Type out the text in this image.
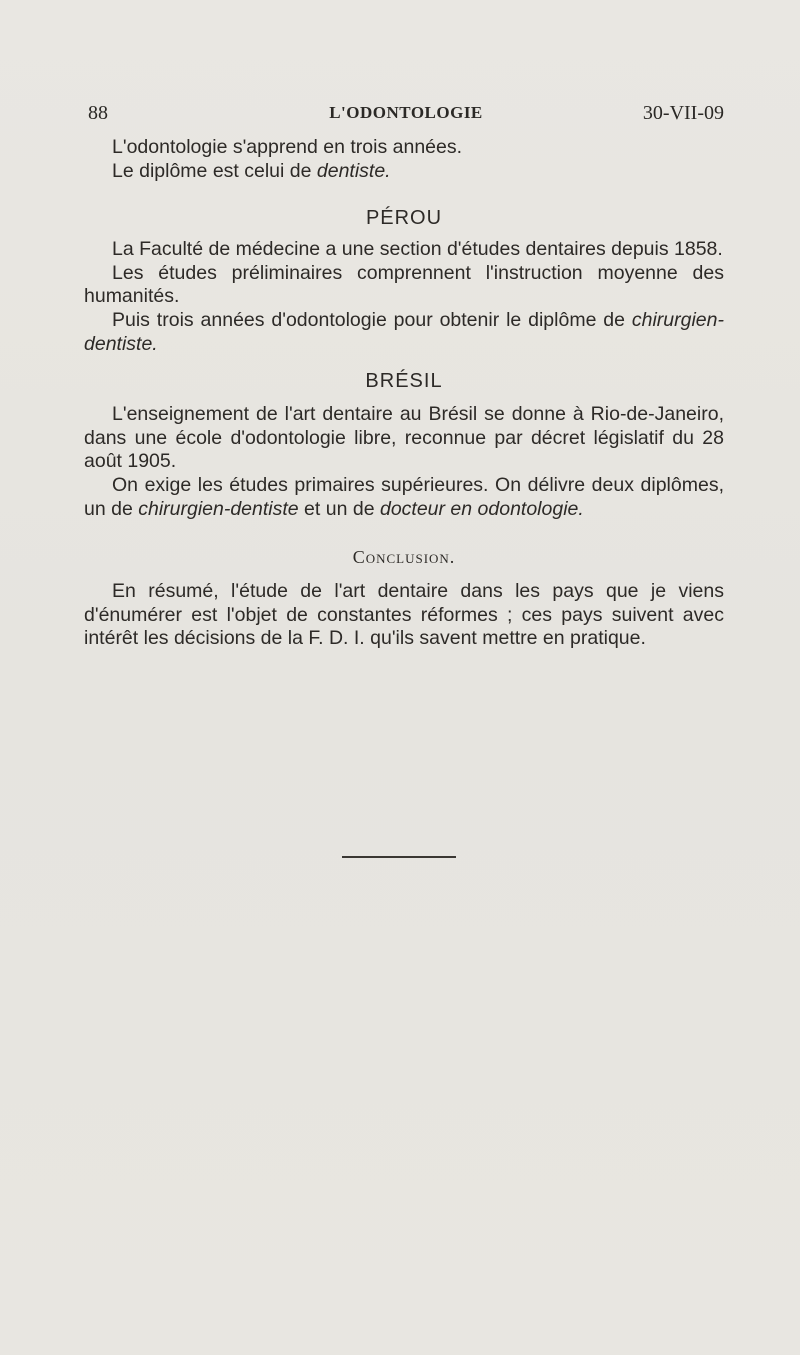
88	L'ODONTOLOGIE	30-VII-09

L'odontologie s'apprend en trois années.

Le diplôme est celui de dentiste.

PÉROU

La Faculté de médecine a une section d'études dentaires depuis 1858.

Les études préliminaires comprennent l'instruction moyenne des humanités.

Puis trois années d'odontologie pour obtenir le diplôme de chirurgien-dentiste.

BRÉSIL

L'enseignement de l'art dentaire au Brésil se donne à Rio-de-Janeiro, dans une école d'odontologie libre, reconnue par décret législatif du 28 août 1905.

On exige les études primaires supérieures. On délivre deux diplômes, un de chirurgien-dentiste et un de docteur en odontologie.

Conclusion.

En résumé, l'étude de l'art dentaire dans les pays que je viens d'énumérer est l'objet de constantes réformes ; ces pays suivent avec intérêt les décisions de la F. D. I. qu'ils savent mettre en pratique.
